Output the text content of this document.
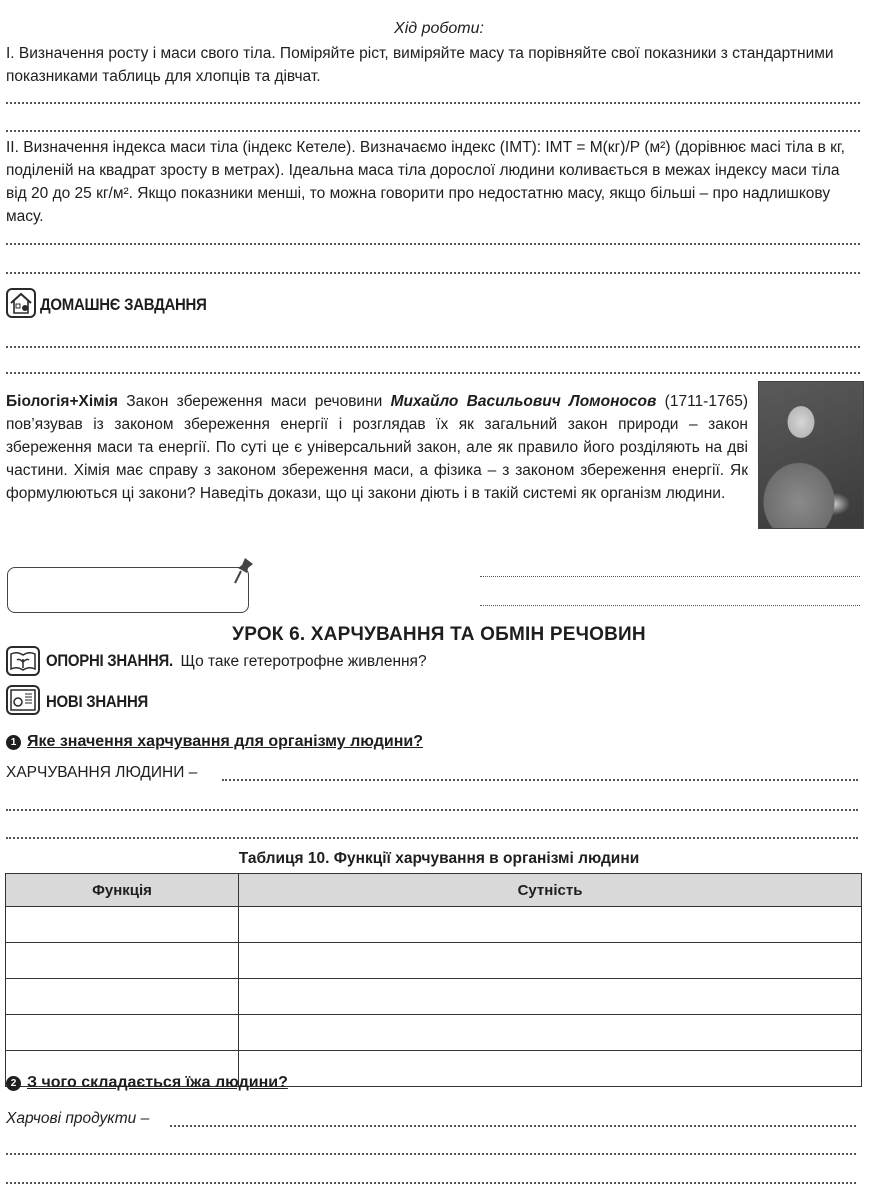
Хід роботи:
I. Визначення росту і маси свого тіла. Поміряйте ріст, виміряйте масу та порівняйте свої показники з стандартними показниками таблиць для хлопців та дівчат.
II. Визначення індекса маси тіла (індекс Кетеле). Визначаємо індекс (ІМТ): ІМТ = М(кг)/Р (м²) (дорівнює масі тіла в кг, поділеній на квадрат зросту в метрах). Ідеальна маса тіла дорослої людини коливається в межах індексу маси тіла від 20 до 25 кг/м². Якщо показники менші, то можна говорити про недостатню масу, якщо більші – про надлишкову масу.
ДОМАШНЄ ЗАВДАННЯ
Біологія+Хімія Закон збереження маси речовини Михайло Васильович Ломоносов (1711-1765) пов’язував із законом збереження енергії і розглядав їх як загальний закон природи – закон збереження маси та енергії. По суті це є універсальний закон, але як правило його розділяють на дві частини. Хімія має справу з законом збереження маси, а фізика – з законом збереження енергії. Як формулюються ці закони? Наведіть докази, що ці закони діють і в такій системі як організм людини.
УРОК 6. ХАРЧУВАННЯ ТА ОБМІН РЕЧОВИН
ОПОРНІ ЗНАННЯ. Що таке гетеротрофне живлення?
НОВІ ЗНАННЯ
1 Яке значення харчування для організму людини?
ХАРЧУВАННЯ ЛЮДИНИ –
Таблиця 10. Функції харчування в організмі людини
Функція	Сутність

2 З чого складається їжа людини?
Харчові продукти –
